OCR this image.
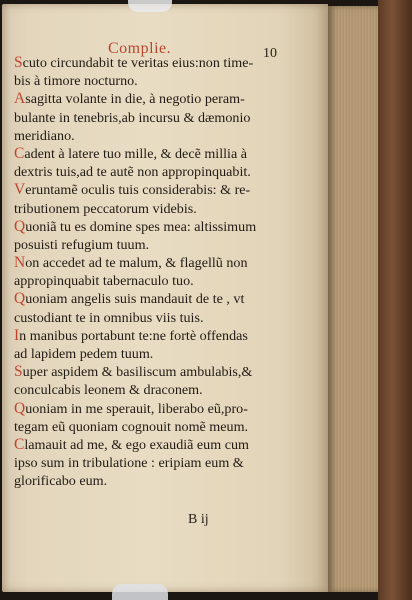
Complie.	10
Scuto circundabit te veritas eius:non time-
bis à timore nocturno.
Asagitta volante in die, à negotio peram-
bulante in tenebris,ab incursu & dæmonio
meridiano.
Cadent à latere tuo mille, & decẽ millia à
dextris tuis,ad te autẽ non appropinquabit.
Veruntamẽ oculis tuis considerabis: & re-
tributionem peccatorum videbis.
Quoniã tu es domine spes mea: altissimum
posuisti refugium tuum.
Non accedet ad te malum, & flagellũ non
appropinquabit tabernaculo tuo.
Quoniam angelis suis mandauit de te , vt
custodiant te in omnibus viis tuis.
In manibus portabunt te:ne fortè offendas
ad lapidem pedem tuum.
Super aspidem & basiliscum ambulabis,&
conculcabis leonem & draconem.
Quoniam in me sperauit, liberabo eũ,pro-
tegam eũ quoniam cognouit nomẽ meum.
Clamauit ad me, & ego exaudiã eum cum
ipso sum in tribulatione : eripiam eum &
glorificabo eum.
B ij
